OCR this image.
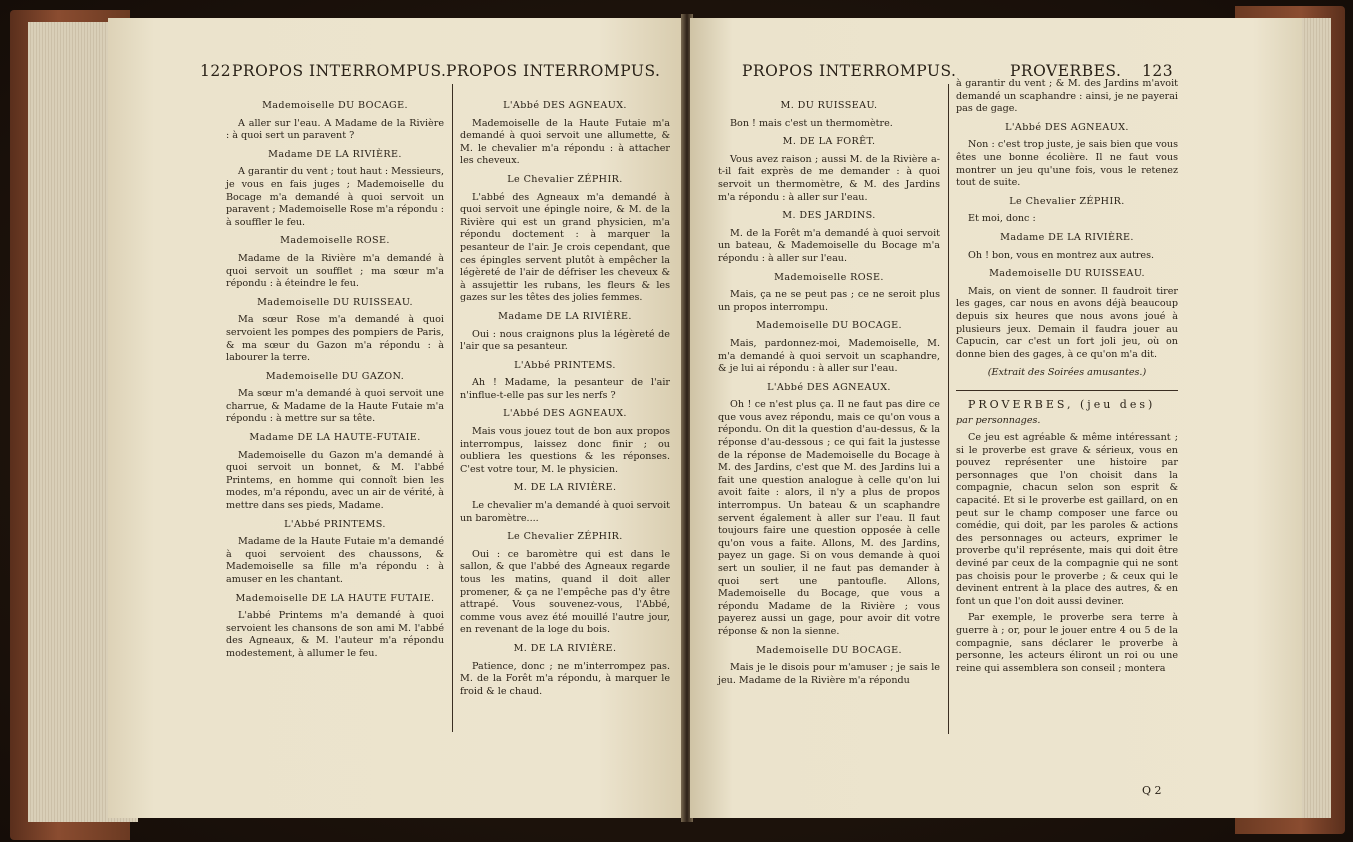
122 PROPOS INTERROMPUS. PROPOS INTERROMPUS.

Mademoiselle DU BOCAGE.

A aller sur l'eau. A Madame de la Rivière : à quoi sert un paravent ?

Madame DE LA RIVIÈRE.

A garantir du vent ; tout haut : Messieurs, je vous en fais juges ; Mademoiselle du Bocage m'a demandé à quoi servoit un paravent ; Mademoiselle Rose m'a répondu : à souffler le feu.

Mademoiselle ROSE.

Madame de la Rivière m'a demandé à quoi servoit un soufflet ; ma sœur m'a répondu : à éteindre le feu.

Mademoiselle DU RUISSEAU.

Ma sœur Rose m'a demandé à quoi servoient les pompes des pompiers de Paris, & ma sœur du Gazon m'a répondu : à labourer la terre.

Mademoiselle DU GAZON.

Ma sœur m'a demandé à quoi servoit une charrue, & Madame de la Haute Futaie m'a répondu : à mettre sur sa tête.

Madame DE LA HAUTE-FUTAIE.

Mademoiselle du Gazon m'a demandé à quoi servoit un bonnet, & M. l'abbé Printems, en homme qui connoît bien les modes, m'a répondu, avec un air de vérité, à mettre dans ses pieds, Madame.

L'Abbé PRINTEMS.

Madame de la Haute Futaie m'a demandé à quoi servoient des chaussons, & Mademoiselle sa fille m'a répondu : à amuser en les chantant.

Mademoiselle DE LA HAUTE FUTAIE.

L'abbé Printems m'a demandé à quoi servoient les chansons de son ami M. l'abbé des Agneaux, & M. l'auteur m'a répondu modestement, à allumer le feu.

L'Abbé DES AGNEAUX.

Mademoiselle de la Haute Futaie m'a demandé à quoi servoit une allumette, & M. le chevalier m'a répondu : à attacher les cheveux.

Le Chevalier ZÉPHIR.

L'abbé des Agneaux m'a demandé à quoi servoit une épingle noire, & M. de la Rivière qui est un grand physicien, m'a répondu doctement : à marquer la pesanteur de l'air. Je crois cependant, que ces épingles servent plutôt à empêcher la légèreté de l'air de défriser les cheveux & à assujettir les rubans, les fleurs & les gazes sur les têtes des jolies femmes.

Madame DE LA RIVIÈRE.

Oui : nous craignons plus la légèreté de l'air que sa pesanteur.

L'Abbé PRINTEMS.

Ah ! Madame, la pesanteur de l'air n'influe-t-elle pas sur les nerfs ?

L'Abbé DES AGNEAUX.

Mais vous jouez tout de bon aux propos interrompus, laissez donc finir ; ou oubliera les questions & les réponses. C'est votre tour, M. le physicien.

M. DE LA RIVIÈRE.

Le chevalier m'a demandé à quoi servoit un baromètre....

Le Chevalier ZÉPHIR.

Oui : ce baromètre qui est dans le sallon, & que l'abbé des Agneaux regarde tous les matins, quand il doit aller promener, & ça ne l'empêche pas d'y être attrapé. Vous souvenez-vous, l'Abbé, comme vous avez été mouillé l'autre jour, en revenant de la loge du bois.

M. DE LA RIVIÈRE.

Patience, donc ; ne m'interrompez pas. M. de la Forêt m'a répondu, à marquer le froid & le chaud.

PROPOS INTERROMPUS.	PROVERBES. 123

M. DU RUISSEAU.

Bon ! mais c'est un thermomètre.

M. DE LA FORÊT.

Vous avez raison ; aussi M. de la Rivière a-t-il fait exprès de me demander : à quoi servoit un thermomètre, & M. des Jardins m'a répondu : à aller sur l'eau.

M. DES JARDINS.

M. de la Forêt m'a demandé à quoi servoit un bateau, & Mademoiselle du Bocage m'a répondu : à aller sur l'eau.

Mademoiselle ROSE.

Mais, ça ne se peut pas ; ce ne seroit plus un propos interrompu.

Mademoiselle DU BOCAGE.

Mais, pardonnez-moi, Mademoiselle, M. m'a demandé à quoi servoit un scaphandre, & je lui ai répondu : à aller sur l'eau.

L'Abbé DES AGNEAUX.

Oh ! ce n'est plus ça. Il ne faut pas dire ce que vous avez répondu, mais ce qu'on vous a répondu. On dit la question d'au-dessus, & la réponse d'au-dessous ; ce qui fait la justesse de la réponse de Mademoiselle du Bocage à M. des Jardins, c'est que M. des Jardins lui a fait une question analogue à celle qu'on lui avoit faite : alors, il n'y a plus de propos interrompus. Un bateau & un scaphandre servent également à aller sur l'eau. Il faut toujours faire une question opposée à celle qu'on vous a faite. Allons, M. des Jardins, payez un gage. Si on vous demande à quoi sert un soulier, il ne faut pas demander à quoi sert une pantoufle. Allons, Mademoiselle du Bocage, que vous a répondu Madame de la Rivière ; vous payerez aussi un gage, pour avoir dit votre réponse & non la sienne.

Mademoiselle DU BOCAGE.

Mais je le disois pour m'amuser ; je sais le jeu. Madame de la Rivière m'a répondu

à garantir du vent ; & M. des Jardins m'avoit demandé un scaphandre : ainsi, je ne payerai pas de gage.

L'Abbé DES AGNEAUX.

Non : c'est trop juste, je sais bien que vous êtes une bonne écolière. Il ne faut vous montrer un jeu qu'une fois, vous le retenez tout de suite.

Le Chevalier ZÉPHIR.

Et moi, donc :

Madame DE LA RIVIÈRE.

Oh ! bon, vous en montrez aux autres.

Mademoiselle DU RUISSEAU.

Mais, on vient de sonner. Il faudroit tirer les gages, car nous en avons déjà beaucoup depuis six heures que nous avons joué à plusieurs jeux. Demain il faudra jouer au Capucin, car c'est un fort joli jeu, où on donne bien des gages, à ce qu'on m'a dit.

(Extrait des Soirées amusantes.)

PROVERBES, (jeu des)

par personnages.

Ce jeu est agréable & même intéressant ; si le proverbe est grave & sérieux, vous en pouvez représenter une histoire par personnages que l'on choisit dans la compagnie, chacun selon son esprit & capacité. Et si le proverbe est gaillard, on en peut sur le champ composer une farce ou comédie, qui doit, par les paroles & actions des personnages ou acteurs, exprimer le proverbe qu'il représente, mais qui doit être deviné par ceux de la compagnie qui ne sont pas choisis pour le proverbe ; & ceux qui le devinent entrent à la place des autres, & en font un que l'on doit aussi deviner.

Par exemple, le proverbe sera terre à guerre à ; or, pour le jouer entre 4 ou 5 de la compagnie, sans déclarer le proverbe à personne, les acteurs éliront un roi ou une reine qui assemblera son conseil ; montera

Q 2
